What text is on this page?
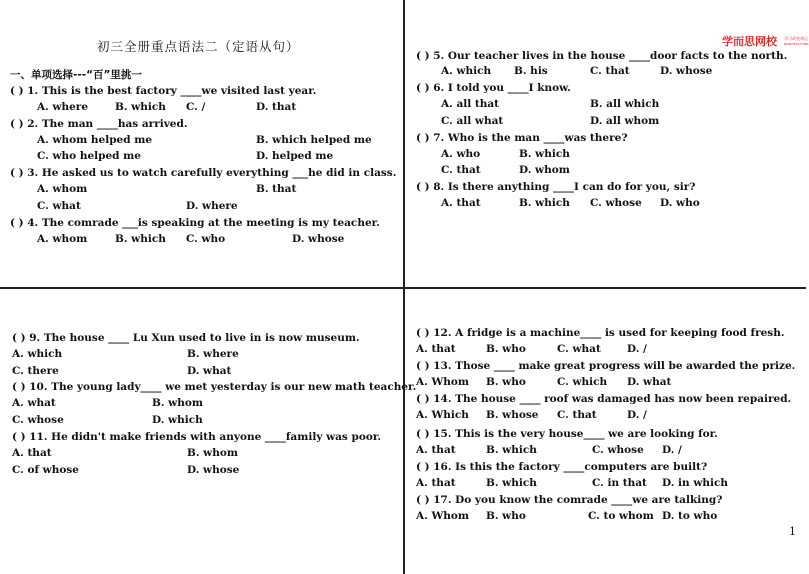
学而思网校 学习改变命运
xueersi.com
初三全册重点语法二（定语从句）
一、单项选择---“百”里挑一
( ) 1. This is the best factory ____we visited last year.
A. where	B. which C. /	D. that
( ) 2. The man ____has arrived.
A. whom helped me	B. which helped me
C. who helped me	D. helped me
( ) 3. He asked us to watch carefully everything ___he did in class.
A. whom	B. that
C. what	D. where
( ) 4. The comrade ___is speaking at the meeting is my teacher.
A. whom	B. which C. who	D. whose
( ) 5. Our teacher lives in the house ____door facts to the north.
A. which B. his	C. that	D. whose
( ) 6. I told you ____I know.
A. all that	B. all which
C. all what	D. all whom
( ) 7. Who is the man ____was there?
A. who	B. which
C. that	D. whom
( ) 8. Is there anything ____I can do for you, sir?
A. that	B. which C. whose D. who
( ) 9. The house ____ Lu Xun used to live in is now museum.
A. which	B. where
C. there	D. what
( ) 10. The young lady____ we met yesterday is our new math teacher.
A. what	B. whom
C. whose	D. which
( ) 11. He didn't make friends with anyone ____family was poor.
A. that	B. whom
C. of whose	D. whose
( ) 12. A fridge is a machine____ is used for keeping food fresh.
A. that	B. who	C. what D. /
( ) 13. Those ____ make great progress will be awarded the prize.
A. Whom B. who	C. which D. what
( ) 14. The house ____ roof was damaged has now been repaired.
A. Which B. whose C. that	D. /
( ) 15. This is the very house____ we are looking for.
A. that	B. which	C. whose D. /
( ) 16. Is this the factory ____computers are built?
A. that	B. which	C. in that D. in which
( ) 17. Do you know the comrade ____we are talking?
A. Whom B. who	C. to whom D. to who
1
